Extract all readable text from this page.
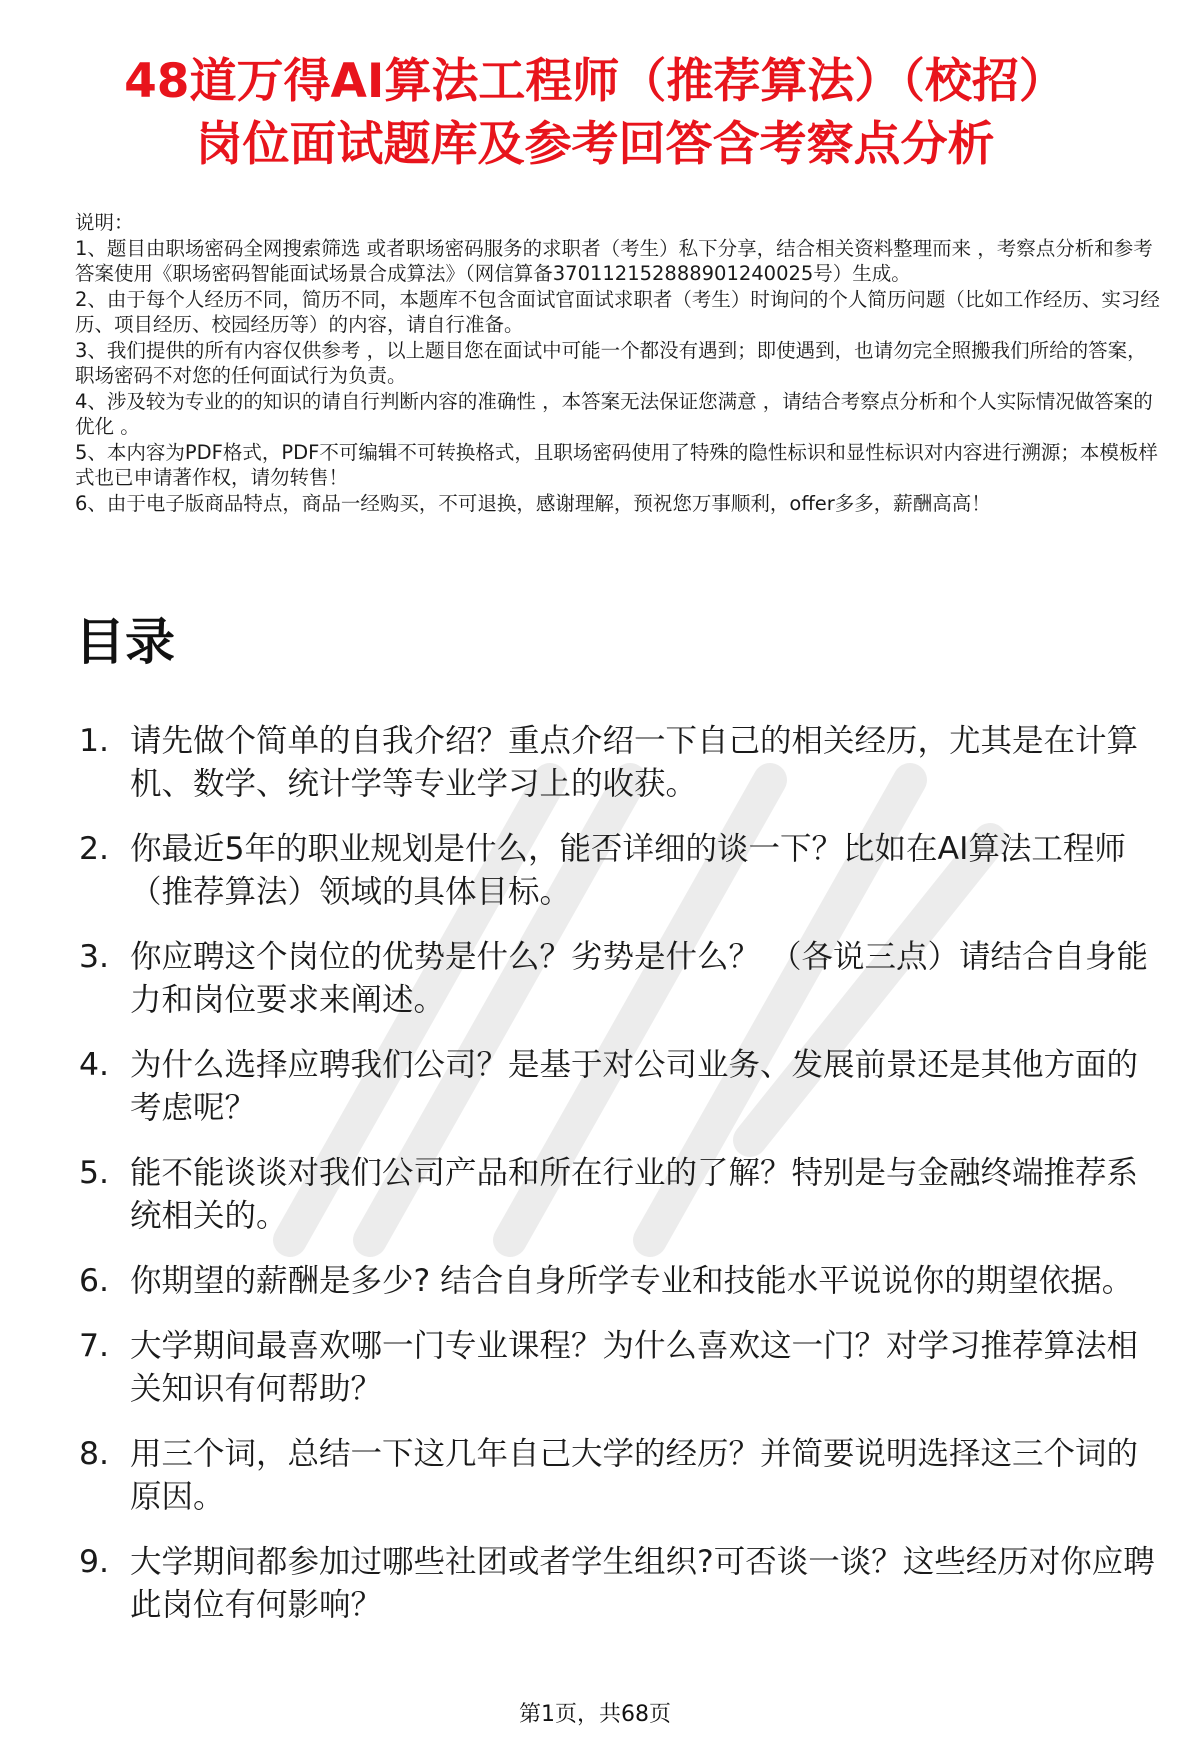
48道万得AI算法工程师（推荐算法）（校招）
岗位面试题库及参考回答含考察点分析

说明：

1、题目由职场密码全网搜索筛选 或者职场密码服务的求职者（考生）私下分享，结合相关资料整理而来 ，考察点分析和参考答案使用《职场密码智能面试场景合成算法》（网信算备370112152888901240025号）生成。

2、由于每个人经历不同，简历不同，本题库不包含面试官面试求职者（考生）时询问的个人简历问题（比如工作经历、实习经历、项目经历、校园经历等）的内容，请自行准备。

3、我们提供的所有内容仅供参考 ，以上题目您在面试中可能一个都没有遇到；即使遇到，也请勿完全照搬我们所给的答案，职场密码不对您的任何面试行为负责。

4、涉及较为专业的的知识的请自行判断内容的准确性 ，本答案无法保证您满意 ，请结合考察点分析和个人实际情况做答案的优化 。

5、本内容为PDF格式，PDF不可编辑不可转换格式，且职场密码使用了特殊的隐性标识和显性标识对内容进行溯源；本模板样式也已申请著作权，请勿转售！

6、由于电子版商品特点，商品一经购买，不可退换，感谢理解，预祝您万事顺利，offer多多，薪酬高高！

目录
1. 请先做个简单的自我介绍？重点介绍一下自己的相关经历，尤其是在计算机、数学、统计学等专业学习上的收获。
2. 你最近5年的职业规划是什么，能否详细的谈一下？比如在AI算法工程师（推荐算法）领域的具体目标。
3. 你应聘这个岗位的优势是什么？劣势是什么？ （各说三点）请结合自身能力和岗位要求来阐述。
4. 为什么选择应聘我们公司？是基于对公司业务、发展前景还是其他方面的考虑呢？
5. 能不能谈谈对我们公司产品和所在行业的了解？特别是与金融终端推荐系统相关的。
6. 你期望的薪酬是多少? 结合自身所学专业和技能水平说说你的期望依据。
7. 大学期间最喜欢哪一门专业课程？为什么喜欢这一门？对学习推荐算法相关知识有何帮助？
8. 用三个词，总结一下这几年自己大学的经历？并简要说明选择这三个词的原因。
9. 大学期间都参加过哪些社团或者学生组织?可否谈一谈？这些经历对你应聘此岗位有何影响？
第1页，共68页
